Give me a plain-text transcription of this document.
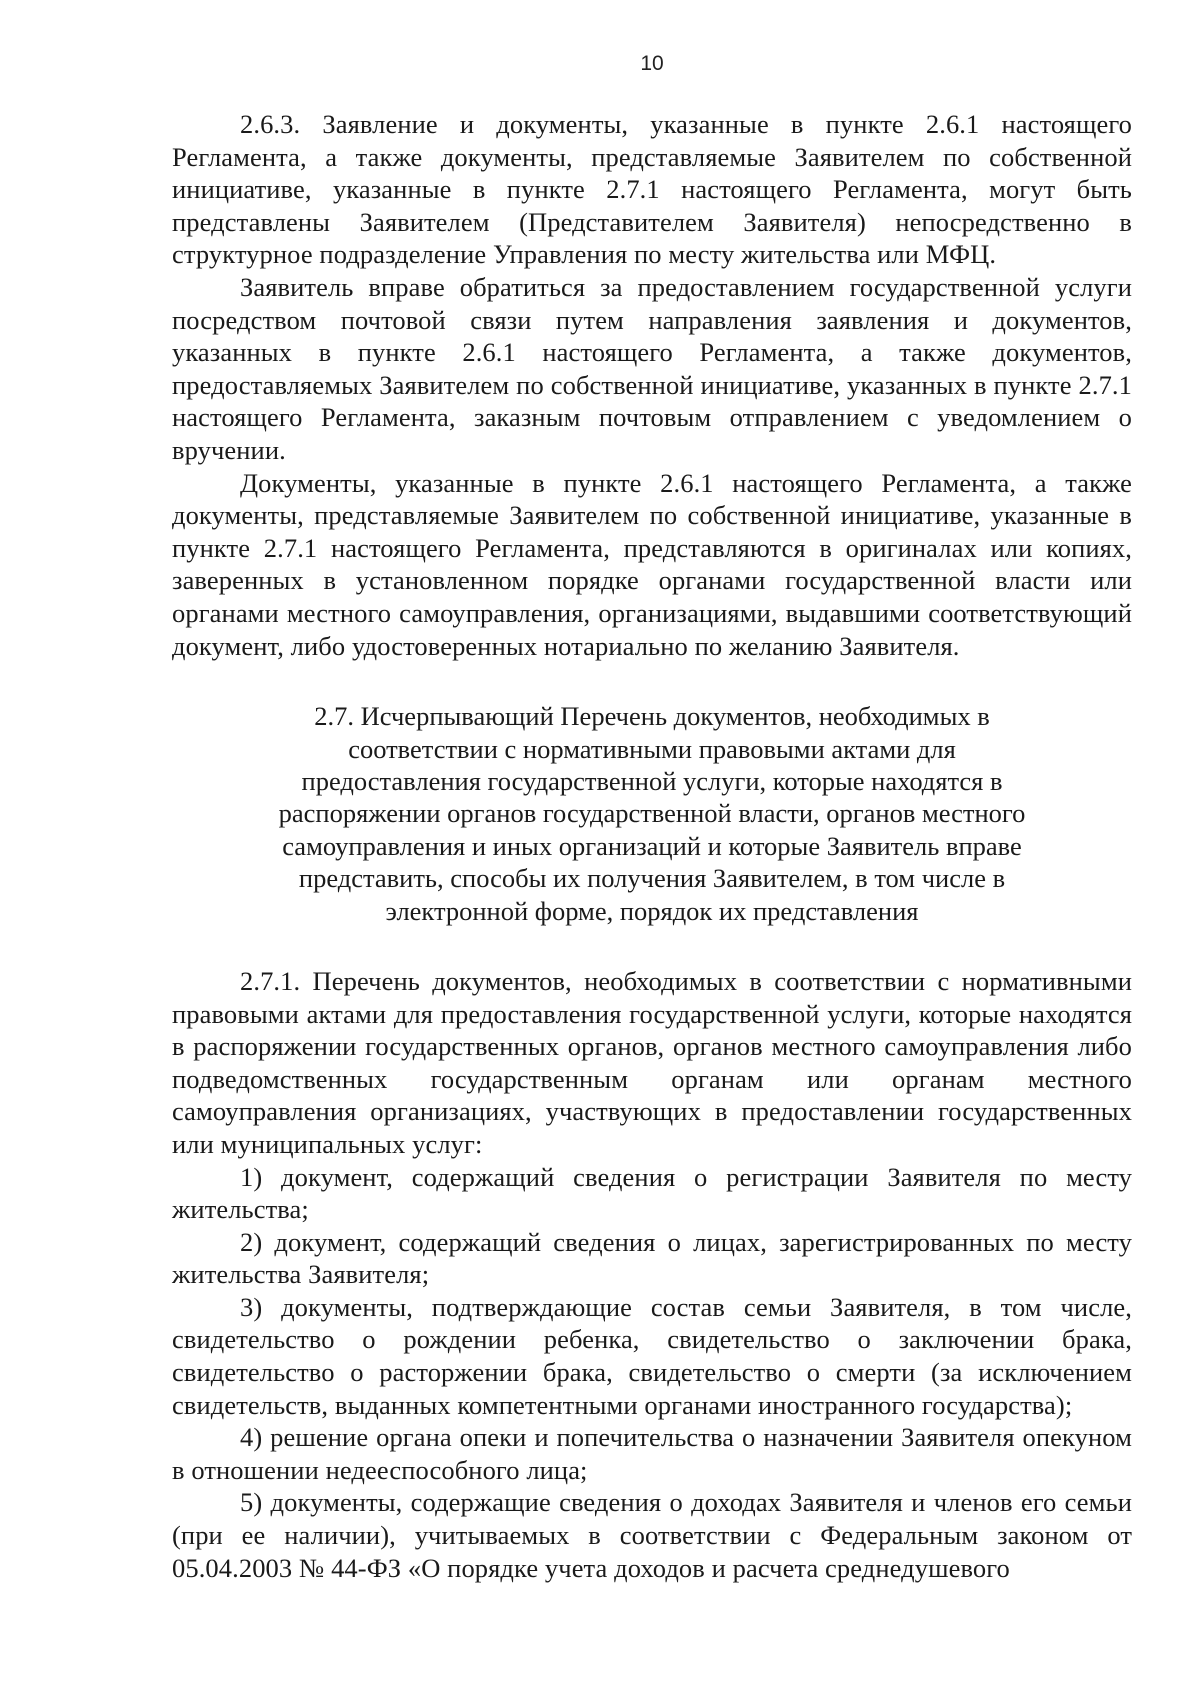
10

2.6.3. Заявление и документы, указанные в пункте 2.6.1 настоящего Регламента, а также документы, представляемые Заявителем по собственной инициативе, указанные в пункте 2.7.1 настоящего Регламента, могут быть представлены Заявителем (Представителем Заявителя) непосредственно в структурное подразделение Управления по месту жительства или МФЦ.

Заявитель вправе обратиться за предоставлением государственной услуги посредством почтовой связи путем направления заявления и документов, указанных в пункте 2.6.1 настоящего Регламента, а также документов, предоставляемых Заявителем по собственной инициативе, указанных в пункте 2.7.1 настоящего Регламента, заказным почтовым отправлением с уведомлением о вручении.

Документы, указанные в пункте 2.6.1 настоящего Регламента, а также документы, представляемые Заявителем по собственной инициативе, указанные в пункте 2.7.1 настоящего Регламента, представляются в оригиналах или копиях, заверенных в установленном порядке органами государственной власти или органами местного самоуправления, организациями, выдавшими соответствующий документ, либо удостоверенных нотариально по желанию Заявителя.

2.7. Исчерпывающий Перечень документов, необходимых в соответствии с нормативными правовыми актами для предоставления государственной услуги, которые находятся в распоряжении органов государственной власти, органов местного самоуправления и иных организаций и которые Заявитель вправе представить, способы их получения Заявителем, в том числе в электронной форме, порядок их представления

2.7.1. Перечень документов, необходимых в соответствии с нормативными правовыми актами для предоставления государственной услуги, которые находятся в распоряжении государственных органов, органов местного самоуправления либо подведомственных государственным органам или органам местного самоуправления организациях, участвующих в предоставлении государственных или муниципальных услуг:

1) документ, содержащий сведения о регистрации Заявителя по месту жительства;

2) документ, содержащий сведения о лицах, зарегистрированных по месту жительства Заявителя;

3) документы, подтверждающие состав семьи Заявителя, в том числе, свидетельство о рождении ребенка, свидетельство о заключении брака, свидетельство о расторжении брака, свидетельство о смерти (за исключением свидетельств, выданных компетентными органами иностранного государства);

4) решение органа опеки и попечительства о назначении Заявителя опекуном в отношении недееспособного лица;

5) документы, содержащие сведения о доходах Заявителя и членов его семьи (при ее наличии), учитываемых в соответствии с Федеральным законом от 05.04.2003 № 44-ФЗ «О порядке учета доходов и расчета среднедушевого
